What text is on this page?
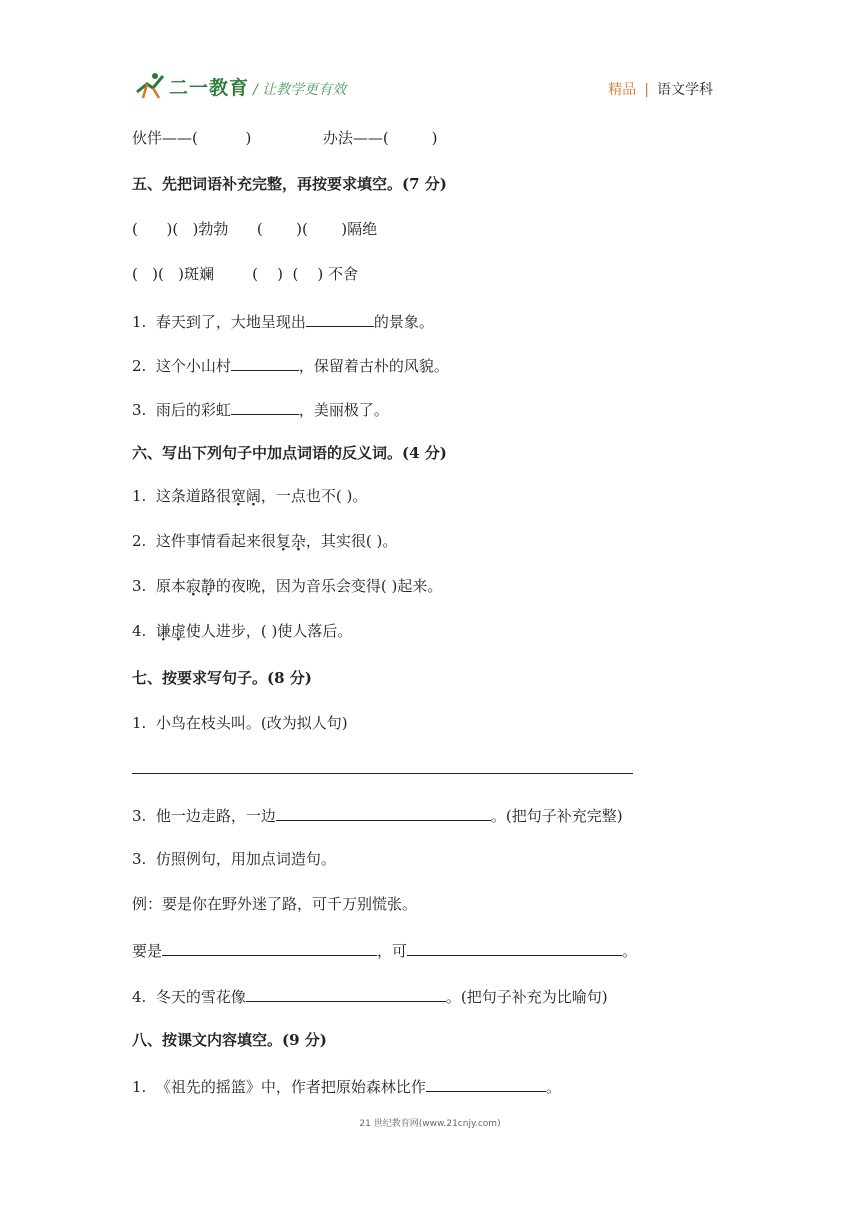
二一教育 / 让教学更有效	精品 | 语文学科
伙伴——(          )               办法——(         )
五、先把词语补充完整，再按要求填空。(7 分)
(      )(   )勃勃      (       )(       )隔绝
(   )(   )斑斓        (    )  (    ) 不舍
1.  春天到了，大地呈现出	的景象。
2.  这个小山村	，保留着古朴的风貌。
3.  雨后的彩虹	，美丽极了。
六、写出下列句子中加点词语的反义词。(4 分)
1.  这条道路很宽阔，一点也不( )。
2.  这件事情看起来很复杂，其实很( )。
3.  原本寂静的夜晚，因为音乐会变得( )起来。
4.  谦虚使人进步，( )使人落后。
七、按要求写句子。(8 分)
1.  小鸟在枝头叫。(改为拟人句)
3.  他一边走路，一边	。(把句子补充完整)
3.  仿照例句，用加点词造句。
例：要是你在野外迷了路，可千万别慌张。
要是	，可	。
4.  冬天的雪花像	。(把句子补充为比喻句)
八、按课文内容填空。(9 分)
1.  《祖先的摇篮》中，作者把原始森林比作	。
21 世纪教育网(www.21cnjy.com)
